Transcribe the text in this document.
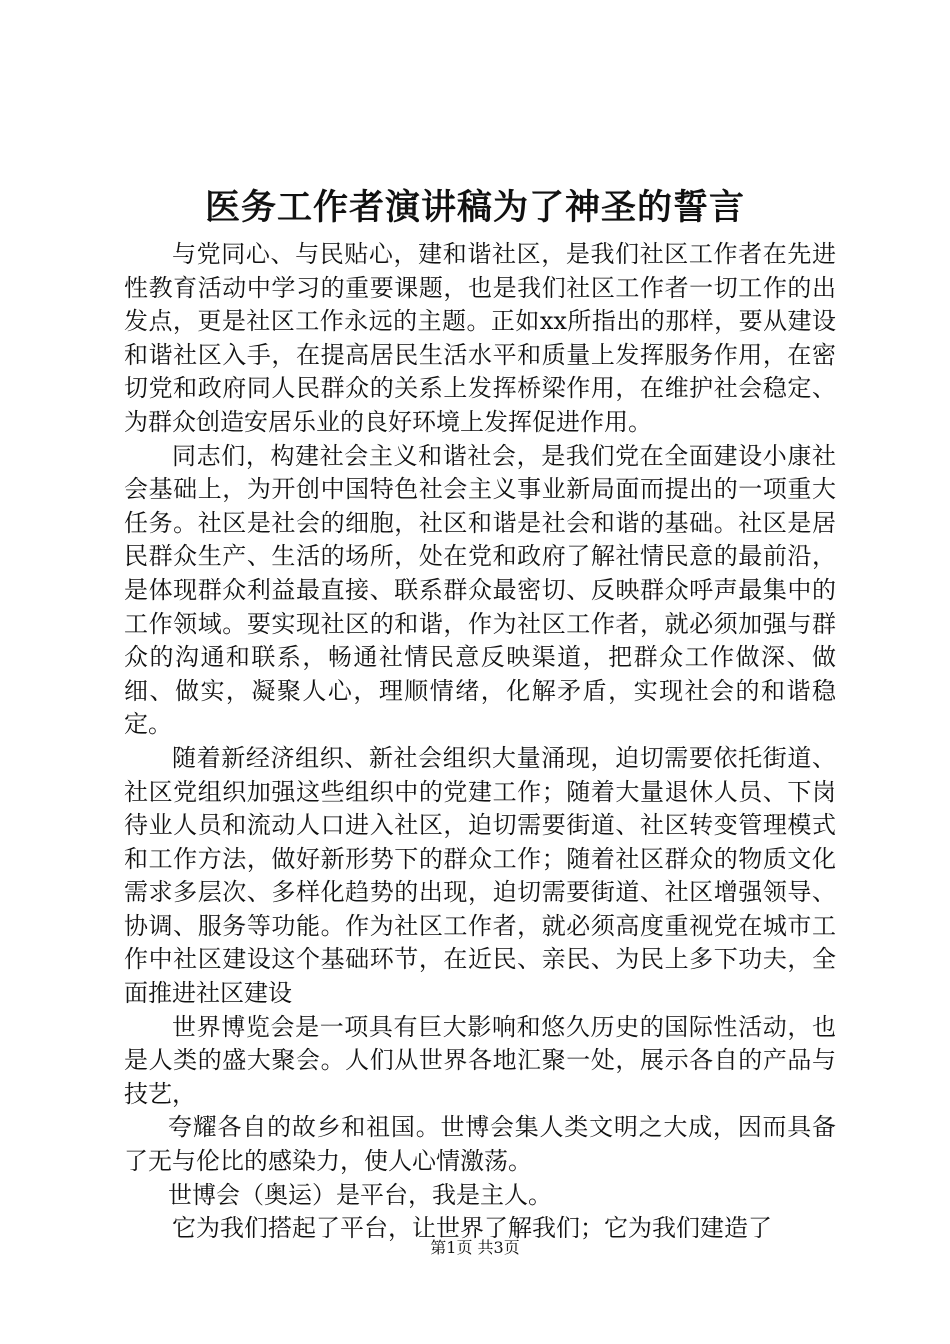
医务工作者演讲稿为了神圣的誓言

与党同心、与民贴心，建和谐社区，是我们社区工作者在先进性教育活动中学习的重要课题，也是我们社区工作者一切工作的出发点，更是社区工作永远的主题。正如xx所指出的那样，要从建设和谐社区入手，在提高居民生活水平和质量上发挥服务作用，在密切党和政府同人民群众的关系上发挥桥梁作用，在维护社会稳定、为群众创造安居乐业的良好环境上发挥促进作用。

同志们，构建社会主义和谐社会，是我们党在全面建设小康社会基础上，为开创中国特色社会主义事业新局面而提出的一项重大任务。社区是社会的细胞，社区和谐是社会和谐的基础。社区是居民群众生产、生活的场所，处在党和政府了解社情民意的最前沿，是体现群众利益最直接、联系群众最密切、反映群众呼声最集中的工作领域。要实现社区的和谐，作为社区工作者，就必须加强与群众的沟通和联系，畅通社情民意反映渠道，把群众工作做深、做细、做实，凝聚人心，理顺情绪，化解矛盾，实现社会的和谐稳定。

随着新经济组织、新社会组织大量涌现，迫切需要依托街道、社区党组织加强这些组织中的党建工作；随着大量退休人员、下岗待业人员和流动人口进入社区，迫切需要街道、社区转变管理模式和工作方法，做好新形势下的群众工作；随着社区群众的物质文化需求多层次、多样化趋势的出现，迫切需要街道、社区增强领导、协调、服务等功能。作为社区工作者，就必须高度重视党在城市工作中社区建设这个基础环节，在近民、亲民、为民上多下功夫，全面推进社区建设

世界博览会是一项具有巨大影响和悠久历史的国际性活动，也是人类的盛大聚会。人们从世界各地汇聚一处，展示各自的产品与技艺，

夸耀各自的故乡和祖国。世博会集人类文明之大成，因而具备了无与伦比的感染力，使人心情激荡。

世博会（奥运）是平台，我是主人。

它为我们搭起了平台，让世界了解我们；它为我们建造了

第1页 共3页
